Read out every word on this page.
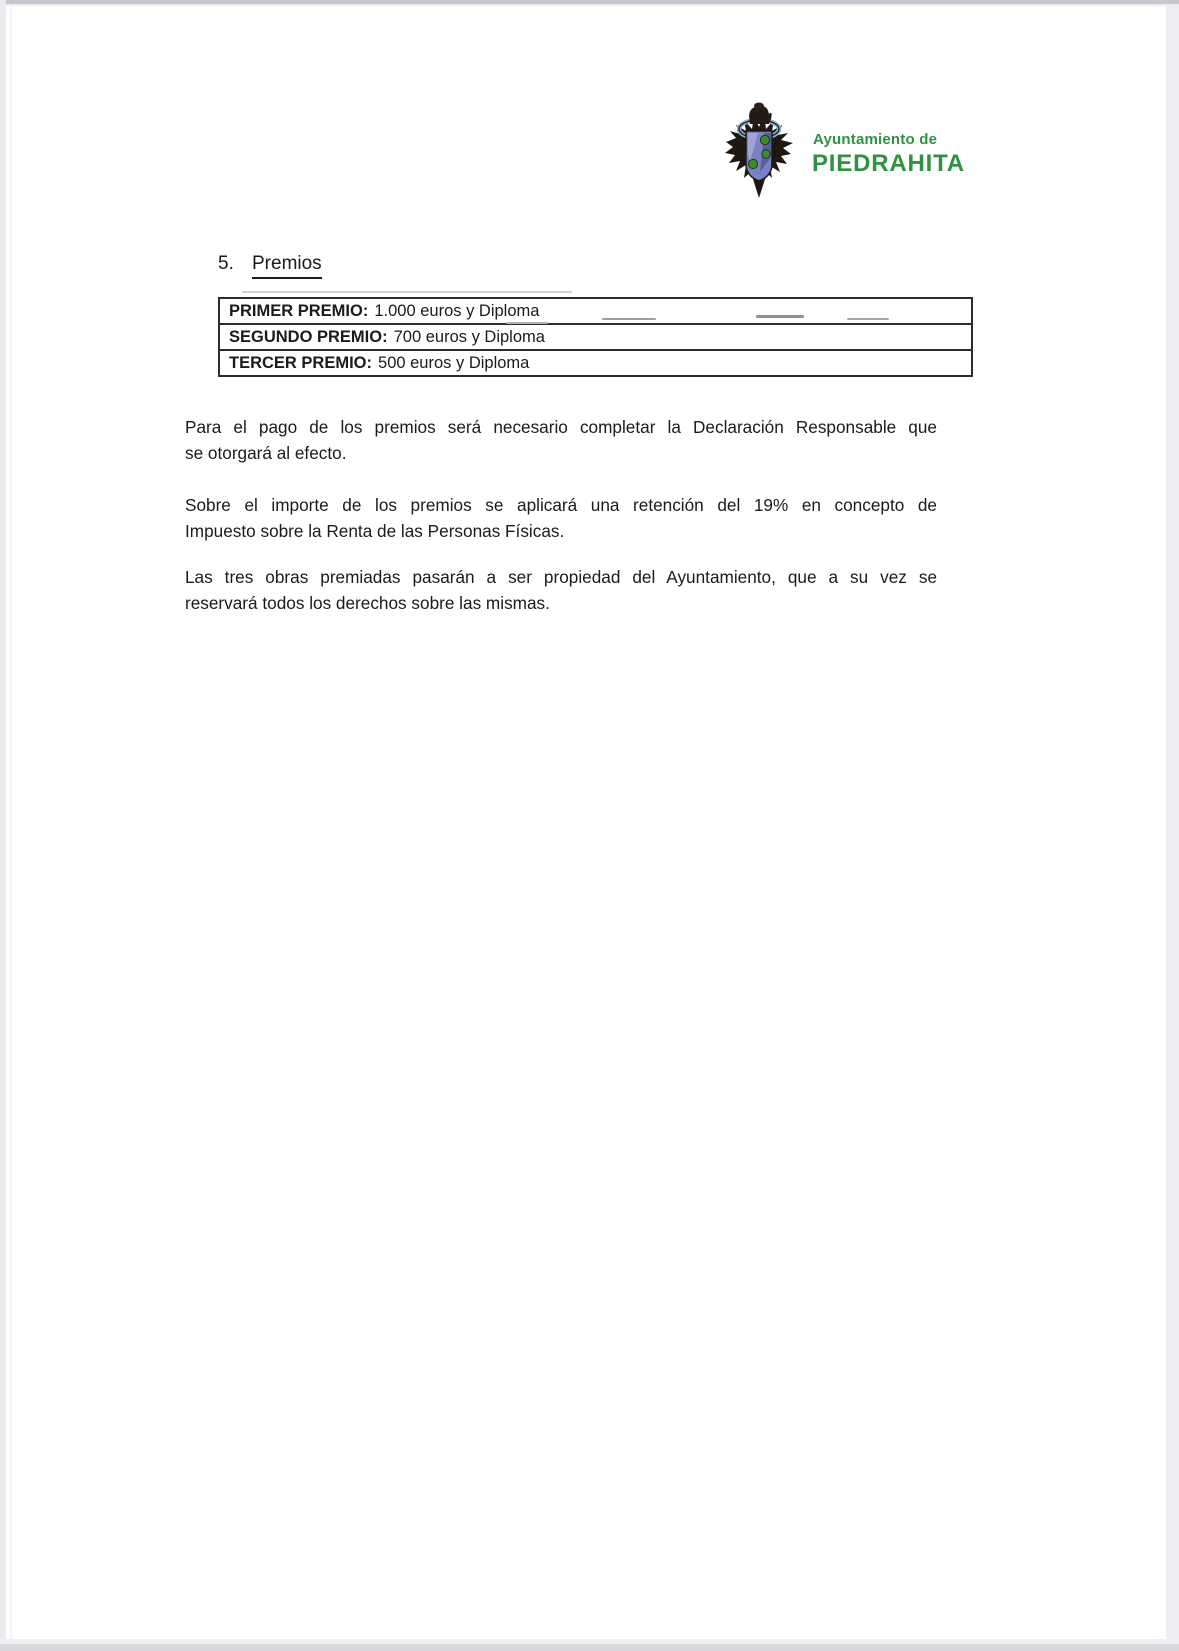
Ayuntamiento de
PIEDRAHITA
5. Premios
PRIMER PREMIO: 1.000 euros y Diploma
SEGUNDO PREMIO: 700 euros y Diploma
TERCER PREMIO: 500 euros y Diploma
Para el pago de los premios será necesario completar la Declaración Responsable que
se otorgará al efecto.
Sobre el importe de los premios se aplicará una retención del 19% en concepto de
Impuesto sobre la Renta de las Personas Físicas.
Las tres obras premiadas pasarán a ser propiedad del Ayuntamiento, que a su vez se
reservará todos los derechos sobre las mismas.
